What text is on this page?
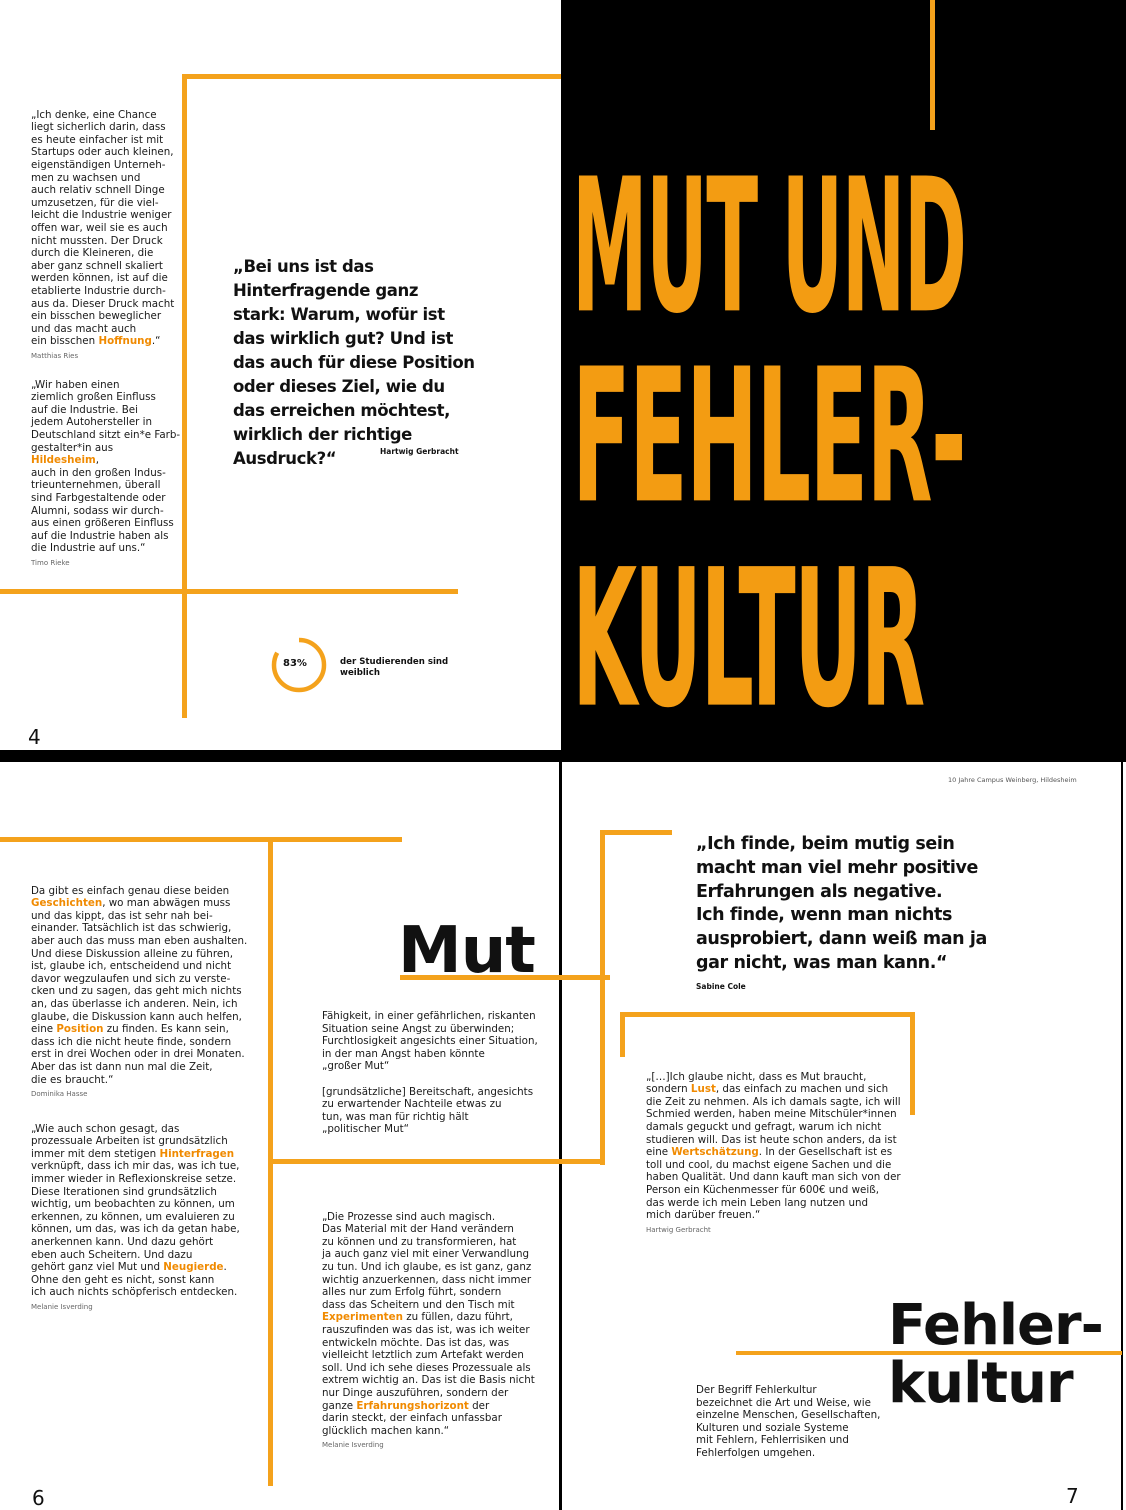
„Ich denke, eine Chance
liegt sicherlich darin, dass
es heute einfacher ist mit
Startups oder auch kleinen,
eigenständigen Unterneh-
men zu wachsen und
auch relativ schnell Dinge
umzusetzen, für die viel-
leicht die Industrie weniger
offen war, weil sie es auch
nicht mussten. Der Druck
durch die Kleineren, die
aber ganz schnell skaliert
werden können, ist auf die
etablierte Industrie durch-
aus da. Dieser Druck macht
ein bisschen beweglicher
und das macht auch
ein bisschen Hoffnung.“

Matthias Ries

„Wir haben einen
ziemlich großen Einfluss
auf die Industrie. Bei
jedem Autohersteller in
Deutschland sitzt ein*e Farb-
gestalter*in aus Hildesheim,
auch in den großen Indus-
trieunternehmen, überall
sind Farbgestaltende oder
Alumni, sodass wir durch-
aus einen größeren Einfluss
auf die Industrie haben als
die Industrie auf uns.“

Timo Rieke

„Bei uns ist das
Hinterfragende ganz
stark: Warum, wofür ist
das wirklich gut? Und ist
das auch für diese Position
oder dieses Ziel, wie du
das erreichen möchtest,
wirklich der richtige
Ausdruck?“	Hartwig Gerbracht
83%	der Studierenden sind
weiblich
4
MUT UND
FEHLER-
KULTUR
10 Jahre Campus Weinberg, Hildesheim

Da gibt es einfach genau diese beiden
Geschichten, wo man abwägen muss
und das kippt, das ist sehr nah bei-
einander. Tatsächlich ist das schwierig,
aber auch das muss man eben aushalten.
Und diese Diskussion alleine zu führen,
ist, glaube ich, entscheidend und nicht
davor wegzulaufen und sich zu verste-
cken und zu sagen, das geht mich nichts
an, das überlasse ich anderen. Nein, ich
glaube, die Diskussion kann auch helfen,
eine Position zu finden. Es kann sein,
dass ich die nicht heute finde, sondern
erst in drei Wochen oder in drei Monaten.
Aber das ist dann nun mal die Zeit,
die es braucht.“

Dominika Hasse

„Wie auch schon gesagt, das
prozessuale Arbeiten ist grundsätzlich
immer mit dem stetigen Hinterfragen
verknüpft, dass ich mir das, was ich tue,
immer wieder in Reflexionskreise setze.
Diese Iterationen sind grundsätzlich
wichtig, um beobachten zu können, um
erkennen, zu können, um evaluieren zu
können, um das, was ich da getan habe,
anerkennen kann. Und dazu gehört
eben auch Scheitern. Und dazu
gehört ganz viel Mut und Neugierde.
Ohne den geht es nicht, sonst kann
ich auch nichts schöpferisch entdecken.

Melanie Isverding

Mut
Fähigkeit, in einer gefährlichen, riskanten
Situation seine Angst zu überwinden;
Furchtlosigkeit angesichts einer Situation,
in der man Angst haben könnte
„großer Mut“

[grundsätzliche] Bereitschaft, angesichts
zu erwartender Nachteile etwas zu
tun, was man für richtig hält
„politischer Mut“

„Die Prozesse sind auch magisch.
Das Material mit der Hand verändern
zu können und zu transformieren, hat
ja auch ganz viel mit einer Verwandlung
zu tun. Und ich glaube, es ist ganz, ganz
wichtig anzuerkennen, dass nicht immer
alles nur zum Erfolg führt, sondern
dass das Scheitern und den Tisch mit
Experimenten zu füllen, dazu führt,
rauszufinden was das ist, was ich weiter
entwickeln möchte. Das ist das, was
vielleicht letztlich zum Artefakt werden
soll. Und ich sehe dieses Prozessuale als
extrem wichtig an. Das ist die Basis nicht
nur Dinge auszuführen, sondern der
ganze Erfahrungshorizont der
darin steckt, der einfach unfassbar
glücklich machen kann.“

Melanie Isverding

„Ich finde, beim mutig sein
macht man viel mehr positive
Erfahrungen als negative.
Ich finde, wenn man nichts
ausprobiert, dann weiß man ja
gar nicht, was man kann.“
Sabine Cole

„[…]Ich glaube nicht, dass es Mut braucht,
sondern Lust, das einfach zu machen und sich
die Zeit zu nehmen. Als ich damals sagte, ich will
Schmied werden, haben meine Mitschüler*innen
damals geguckt und gefragt, warum ich nicht
studieren will. Das ist heute schon anders, da ist
eine Wertschätzung. In der Gesellschaft ist es
toll und cool, du machst eigene Sachen und die
haben Qualität. Und dann kauft man sich von der
Person ein Küchenmesser für 600€ und weiß,
das werde ich mein Leben lang nutzen und
mich darüber freuen.“

Hartwig Gerbracht

Fehler-
kultur
Der Begriff Fehlerkultur
bezeichnet die Art und Weise, wie
einzelne Menschen, Gesellschaften,
Kulturen und soziale Systeme
mit Fehlern, Fehlerrisiken und
Fehlerfolgen umgehen.
6	7
